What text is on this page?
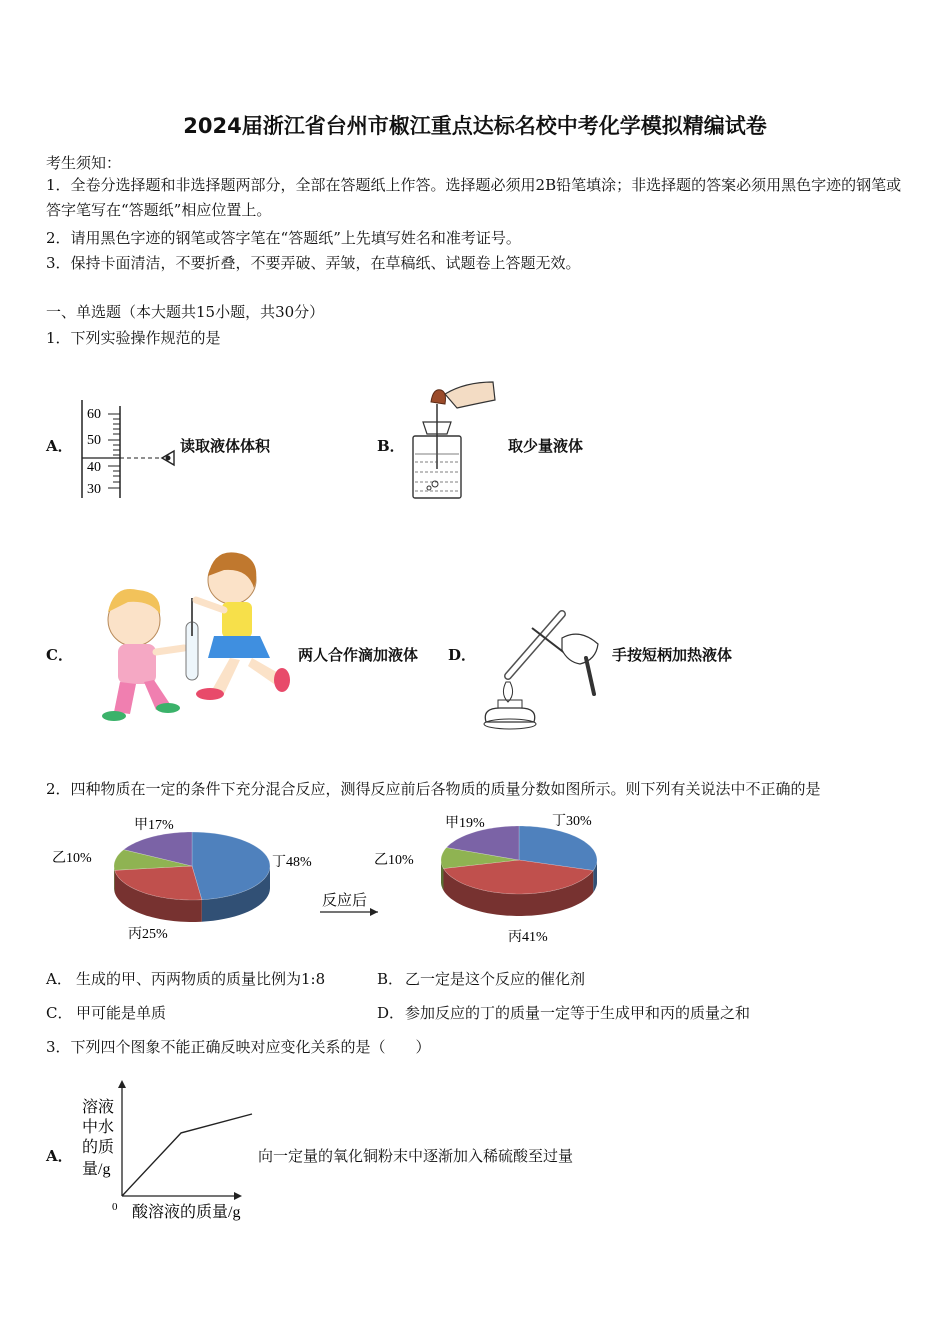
2024届浙江省台州市椒江重点达标名校中考化学模拟精编试卷
考生须知：
1．全卷分选择题和非选择题两部分，全部在答题纸上作答。选择题必须用2B铅笔填涂；非选择题的答案必须用黑色字迹的钢笔或答字笔写在“答题纸”相应位置上。
2．请用黑色字迹的钢笔或答字笔在“答题纸”上先填写姓名和准考证号。
3．保持卡面清洁，不要折叠，不要弄破、弄皱，在草稿纸、试题卷上答题无效。
一、单选题（本大题共15小题，共30分）
1．下列实验操作规范的是
A．
60
50
40
30
读取液体体积	B．	取少量液体
C．	两人合作滴加液体 D．	手按短柄加热液体
2．四种物质在一定的条件下充分混合反应，测得反应前后各物质的质量分数如图所示。则下列有关说法中不正确的是
甲17%
乙10%	丁48%
丙25%
反应后
甲19%	丁30%
乙10%
丙41%
A． 生成的甲、丙两物质的质量比例为1:8	B． 乙一定是这个反应的催化剂
C． 甲可能是单质	D． 参加反应的丁的质量一定等于生成甲和丙的质量之和
3．下列四个图象不能正确反映对应变化关系的是（　　）
A．
溶液
中水
的质
量/g
0 酸溶液的质量/g
向一定量的氧化铜粉末中逐渐加入稀硫酸至过量
